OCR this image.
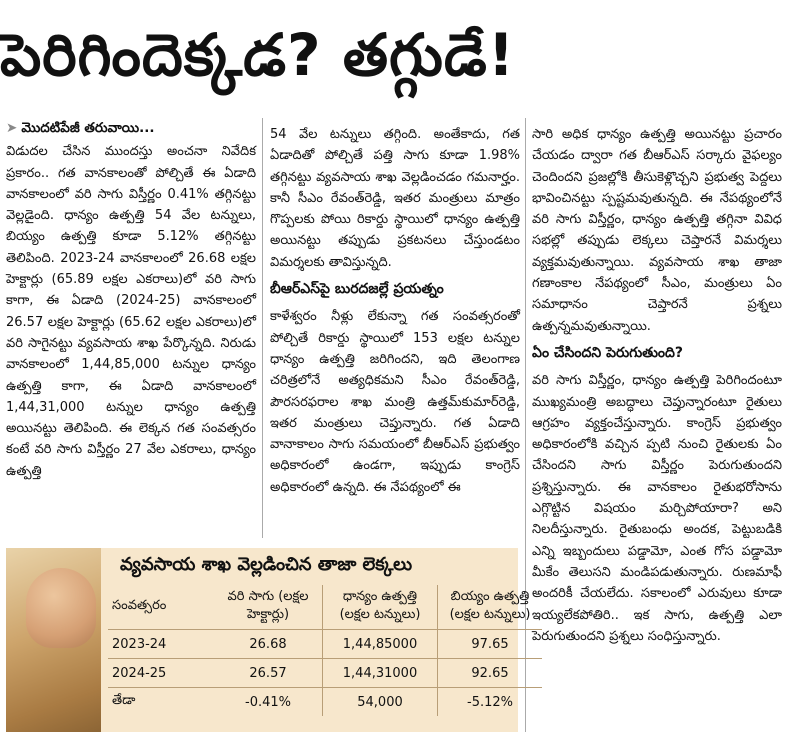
పెరిగిందెక్కడ? తగ్గుడే!
➤ మొదటిపేజీ తరువాయి...

విడుదల చేసిన ముందస్తు అంచనా నివేదిక ప్రకారం.. గత వానకాలంతో పోల్చితే ఈ ఏడాది వానకాలంలో వరి సాగు విస్తీర్ణం 0.41% తగ్గినట్టు వెల్లడైంది. ధాన్యం ఉత్పత్తి 54 వేల టన్నులు, బియ్యం ఉత్పత్తి కూడా 5.12% తగ్గినట్టు తెలిపింది. 2023-24 వానకాలంలో 26.68 లక్షల హెక్టార్లు (65.89 లక్షల ఎకరాలు)లో వరి సాగు కాగా, ఈ ఏడాది (2024-25) వానకాలంలో 26.57 లక్షల హెక్టార్లు (65.62 లక్షల ఎకరాలు)లో వరి సాగైనట్టు వ్యవసాయ శాఖ పేర్కొన్నది. నిరుడు వానకాలంలో 1,44,85,000 టన్నుల ధాన్యం ఉత్పత్తి కాగా, ఈ ఏడాది వానకాలంలో 1,44,31,000 టన్నుల ధాన్యం ఉత్పత్తి అయినట్టు తెలిపింది. ఈ లెక్కన గత సంవత్సరం కంటే వరి సాగు విస్తీర్ణం 27 వేల ఎకరాలు, ధాన్యం ఉత్పత్తి

54 వేల టన్నులు తగ్గింది. అంతేకాదు, గత ఏడాదితో పోల్చితే పత్తి సాగు కూడా 1.98% తగ్గినట్టు వ్యవసాయ శాఖ వెల్లడించడం గమనార్హం. కానీ సీఎం రేవంత్‌రెడ్డి, ఇతర మంత్రులు మాత్రం గొప్పలకు పోయి రికార్డు స్థాయిలో ధాన్యం ఉత్పత్తి అయినట్టు తప్పుడు ప్రకటనలు చేస్తుండటం విమర్శలకు తావిస్తున్నది.

బీఆర్‌ఎస్‌పై బురదజల్లే ప్రయత్నం

కాళేశ్వరం నీళ్లు లేకున్నా గత సంవత్సరంతో పోల్చితే రికార్డు స్థాయిలో 153 లక్షల టన్నుల ధాన్యం ఉత్పత్తి జరిగిందని, ఇది తెలంగాణ చరిత్రలోనే అత్యధికమని సీఎం రేవంత్‌రెడ్డి, పౌరసరఫరాల శాఖ మంత్రి ఉత్తమ్‌కుమార్‌రెడ్డి, ఇతర మంత్రులు చెప్తున్నారు. గత ఏడాది వానాకాలం సాగు సమయంలో బీఆర్‌ఎస్ ప్రభుత్వం అధికారంలో ఉండగా, ఇప్పుడు కాంగ్రెస్ అధికారంలో ఉన్నది. ఈ నేపథ్యంలో ఈ

సారి అధిక ధాన్యం ఉత్పత్తి అయినట్టు ప్రచారం చేయడం ద్వారా గత బీఆర్‌ఎస్ సర్కారు వైఫల్యం చెందిందని ప్రజల్లోకి తీసుకెళ్లొచ్చని ప్రభుత్వ పెద్దలు భావించినట్టు స్పష్టమవుతున్నది. ఈ నేపథ్యంలోనే వరి సాగు విస్తీర్ణం, ధాన్యం ఉత్పత్తి తగ్గినా వివిధ సభల్లో తప్పుడు లెక్కలు చెప్తారనే విమర్శలు వ్యక్తమవుతున్నాయి. వ్యవసాయ శాఖ తాజా గణాంకాల నేపథ్యంలో సీఎం, మంత్రులు ఏం సమాధానం చెప్తారనే ప్రశ్నలు ఉత్పన్నమవుతున్నాయి.

ఏం చేసిందని పెరుగుతుంది?

వరి సాగు విస్తీర్ణం, ధాన్యం ఉత్పత్తి పెరిగిందంటూ ముఖ్యమంత్రి అబద్ధాలు చెప్తున్నారంటూ రైతులు ఆగ్రహం వ్యక్తంచేస్తున్నారు. కాంగ్రెస్ ప్రభుత్వం అధికారంలోకి వచ్చిన ప్పటి నుంచి రైతులకు ఏం చేసిందని సాగు విస్తీర్ణం పెరుగుతుందని ప్రశ్నిస్తున్నారు. ఈ వానకాలం రైతుభరోసాను ఎగ్గొట్టిన విషయం మర్చిపోయారా? అని నిలదీస్తున్నారు. రైతుబంధు అందక, పెట్టుబడికి ఎన్ని ఇబ్బందులు పడ్డామో, ఎంత గోస పడ్డామో మీకేం తెలుసని మండిపడుతున్నారు. రుణమాఫీ అందరికీ చేయలేదు. సకాలంలో ఎరువులు కూడా ఇయ్యలేకపోతిరి.. ఇక సాగు, ఉత్పత్తి ఎలా పెరుగుతుందని ప్రశ్నలు సంధిస్తున్నారు.

వ్యవసాయ శాఖ వెల్లడించిన తాజా లెక్కలు
సంవత్సరం	వరి సాగు (లక్షల హెక్టార్లు)	ధాన్యం ఉత్పత్తి (లక్షల టన్నులు)	బియ్యం ఉత్పత్తి (లక్షల టన్నులు)
2023-24	26.68	1,44,85000	97.65
2024-25	26.57	1,44,31000	92.65
తేడా	-0.41%	54,000	-5.12%
